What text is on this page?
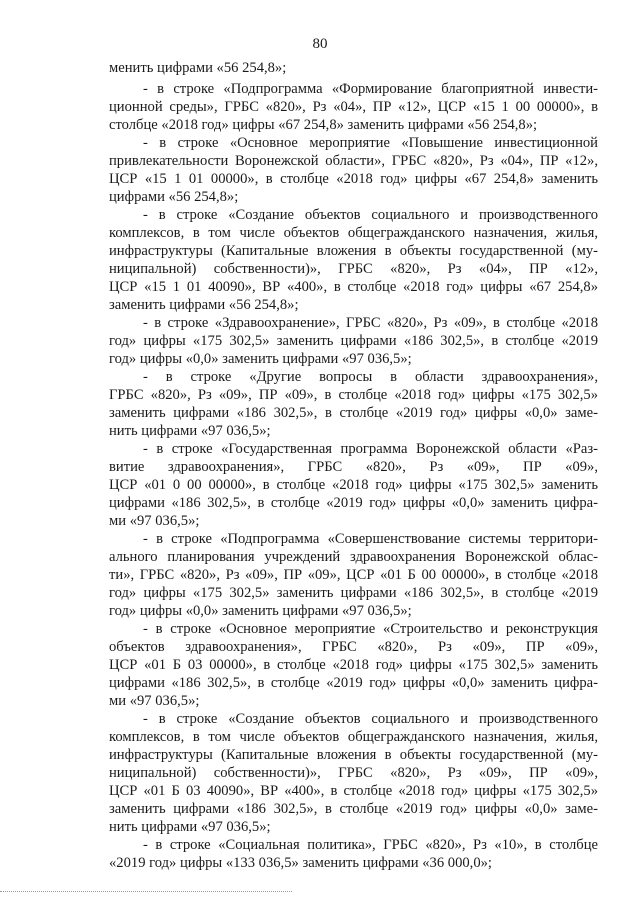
80

менить цифрами «56 254,8»;

- в строке «Подпрограмма «Формирование благоприятной инвести-

ционной среды», ГРБС «820», Рз «04», ПР «12», ЦСР «15 1 00 00000», в

столбце «2018 год» цифры «67 254,8» заменить цифрами «56 254,8»;

- в строке «Основное мероприятие «Повышение инвестиционной

привлекательности Воронежской области», ГРБС «820», Рз «04», ПР «12»,

ЦСР «15 1 01 00000», в столбце «2018 год» цифры «67 254,8» заменить

цифрами «56 254,8»;

- в строке «Создание объектов социального и производственного

комплексов, в том числе объектов общегражданского назначения, жилья,

инфраструктуры (Капитальные вложения в объекты государственной (му-

ниципальной) собственности)», ГРБС «820», Рз «04», ПР «12»,

ЦСР «15 1 01 40090», ВР «400», в столбце «2018 год» цифры «67 254,8»

заменить цифрами «56 254,8»;

- в строке «Здравоохранение», ГРБС «820», Рз «09», в столбце «2018

год» цифры «175 302,5» заменить цифрами «186 302,5», в столбце «2019

год» цифры «0,0» заменить цифрами «97 036,5»;

- в строке «Другие вопросы в области здравоохранения»,

ГРБС «820», Рз «09», ПР «09», в столбце «2018 год» цифры «175 302,5»

заменить цифрами «186 302,5», в столбце «2019 год» цифры «0,0» заме-

нить цифрами «97 036,5»;

- в строке «Государственная программа Воронежской области «Раз-

витие здравоохранения», ГРБС «820», Рз «09», ПР «09»,

ЦСР «01 0 00 00000», в столбце «2018 год» цифры «175 302,5» заменить

цифрами «186 302,5», в столбце «2019 год» цифры «0,0» заменить цифра-

ми «97 036,5»;

- в строке «Подпрограмма «Совершенствование системы территори-

ального планирования учреждений здравоохранения Воронежской облас-

ти», ГРБС «820», Рз «09», ПР «09», ЦСР «01 Б 00 00000», в столбце «2018

год» цифры «175 302,5» заменить цифрами «186 302,5», в столбце «2019

год» цифры «0,0» заменить цифрами «97 036,5»;

- в строке «Основное мероприятие «Строительство и реконструкция

объектов здравоохранения», ГРБС «820», Рз «09», ПР «09»,

ЦСР «01 Б 03 00000», в столбце «2018 год» цифры «175 302,5» заменить

цифрами «186 302,5», в столбце «2019 год» цифры «0,0» заменить цифра-

ми «97 036,5»;

- в строке «Создание объектов социального и производственного

комплексов, в том числе объектов общегражданского назначения, жилья,

инфраструктуры (Капитальные вложения в объекты государственной (му-

ниципальной) собственности)», ГРБС «820», Рз «09», ПР «09»,

ЦСР «01 Б 03 40090», ВР «400», в столбце «2018 год» цифры «175 302,5»

заменить цифрами «186 302,5», в столбце «2019 год» цифры «0,0» заме-

нить цифрами «97 036,5»;

- в строке «Социальная политика», ГРБС «820», Рз «10», в столбце

«2019 год» цифры «133 036,5» заменить цифрами «36 000,0»;
